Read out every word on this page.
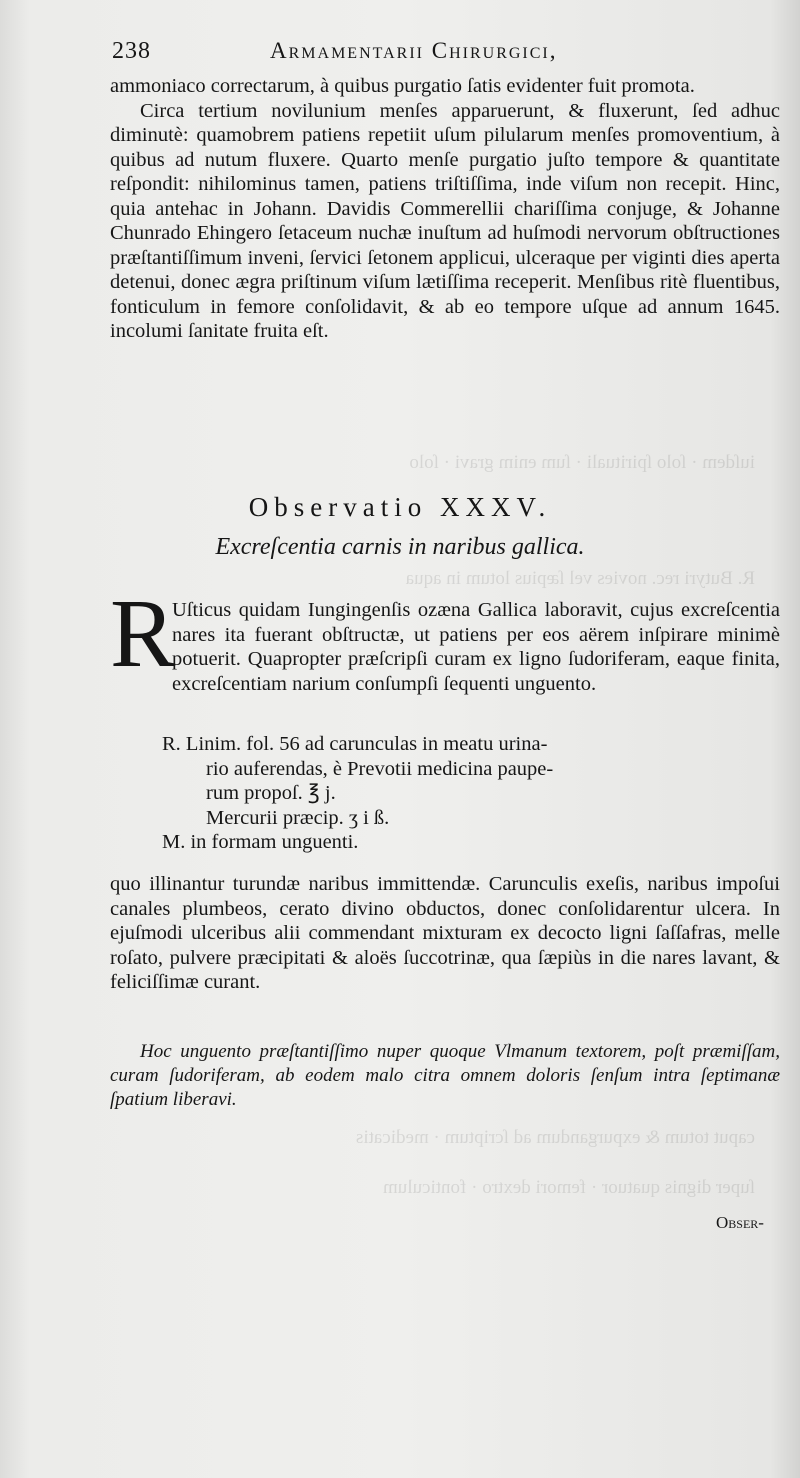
iuſdem · ſolo ſpirituali · ſum enim gravi · ſolo
R. Butyri rec. novies vel ſæpius lotum in aqua
caput totum & expurgandum ad ſcriptum · medicatis
ſuper dignis quatuor · femori dextro · fonticulum
238	Armamentarii Chirurgici,

ammoniaco correctarum, à quibus purgatio ſatis evidenter fuit promota.

Circa tertium novilunium menſes apparuerunt, & fluxerunt, ſed adhuc diminutè: quamobrem patiens repetiit uſum pilularum menſes promoventium, à quibus ad nutum fluxere. Quarto menſe purgatio juſto tempore & quantitate reſpondit: nihilominus tamen, patiens triſtiſſima, inde viſum non recepit. Hinc, quia antehac in Johann. Davidis Commerellii chariſſima conjuge, & Johanne Chunrado Ehingero ſetaceum nuchæ inuſtum ad huſmodi nervorum obſtructiones præſtantiſſimum inveni, ſervici ſetonem applicui, ulceraque per viginti dies aperta detenui, donec ægra priſtinum viſum lætiſſima receperit. Menſibus ritè fluentibus, fonticulum in femore conſolidavit, & ab eo tempore uſque ad annum 1645. incolumi ſanitate fruita eſt.

Observatio XXXV.
Excreſcentia carnis in naribus gallica.
R

Uſticus quidam Iungingenſis ozæna Gallica laboravit, cujus excreſcentia nares ita fuerant obſtructæ, ut patiens per eos aërem inſpirare minimè potuerit. Quapropter præſcripſi curam ex ligno ſudoriferam, eaque finita, excreſcentiam narium conſumpſi ſequenti unguento.

R. Linim. fol. 56 ad carunculas in meatu urina-
rio auferendas, è Prevotii medicina paupe-
rum propoſ. ℥ j.
Mercurii præcip. ʒ i ß.
M. in formam unguenti.

quo illinantur turundæ naribus immittendæ. Carunculis exeſis, naribus impoſui canales plumbeos, cerato divino obductos, donec conſolidarentur ulcera. In ejuſmodi ulceribus alii commendant mixturam ex decocto ligni ſaſſafras, melle roſato, pulvere præcipitati & aloës ſuccotrinæ, qua ſæpiùs in die nares lavant, & feliciſſimæ curant.

Hoc unguento præſtantiſſimo nuper quoque Vlmanum textorem, poſt præmiſſam, curam ſudoriferam, ab eodem malo citra omnem doloris ſenſum intra ſeptimanæ ſpatium liberavi.

Obser-
